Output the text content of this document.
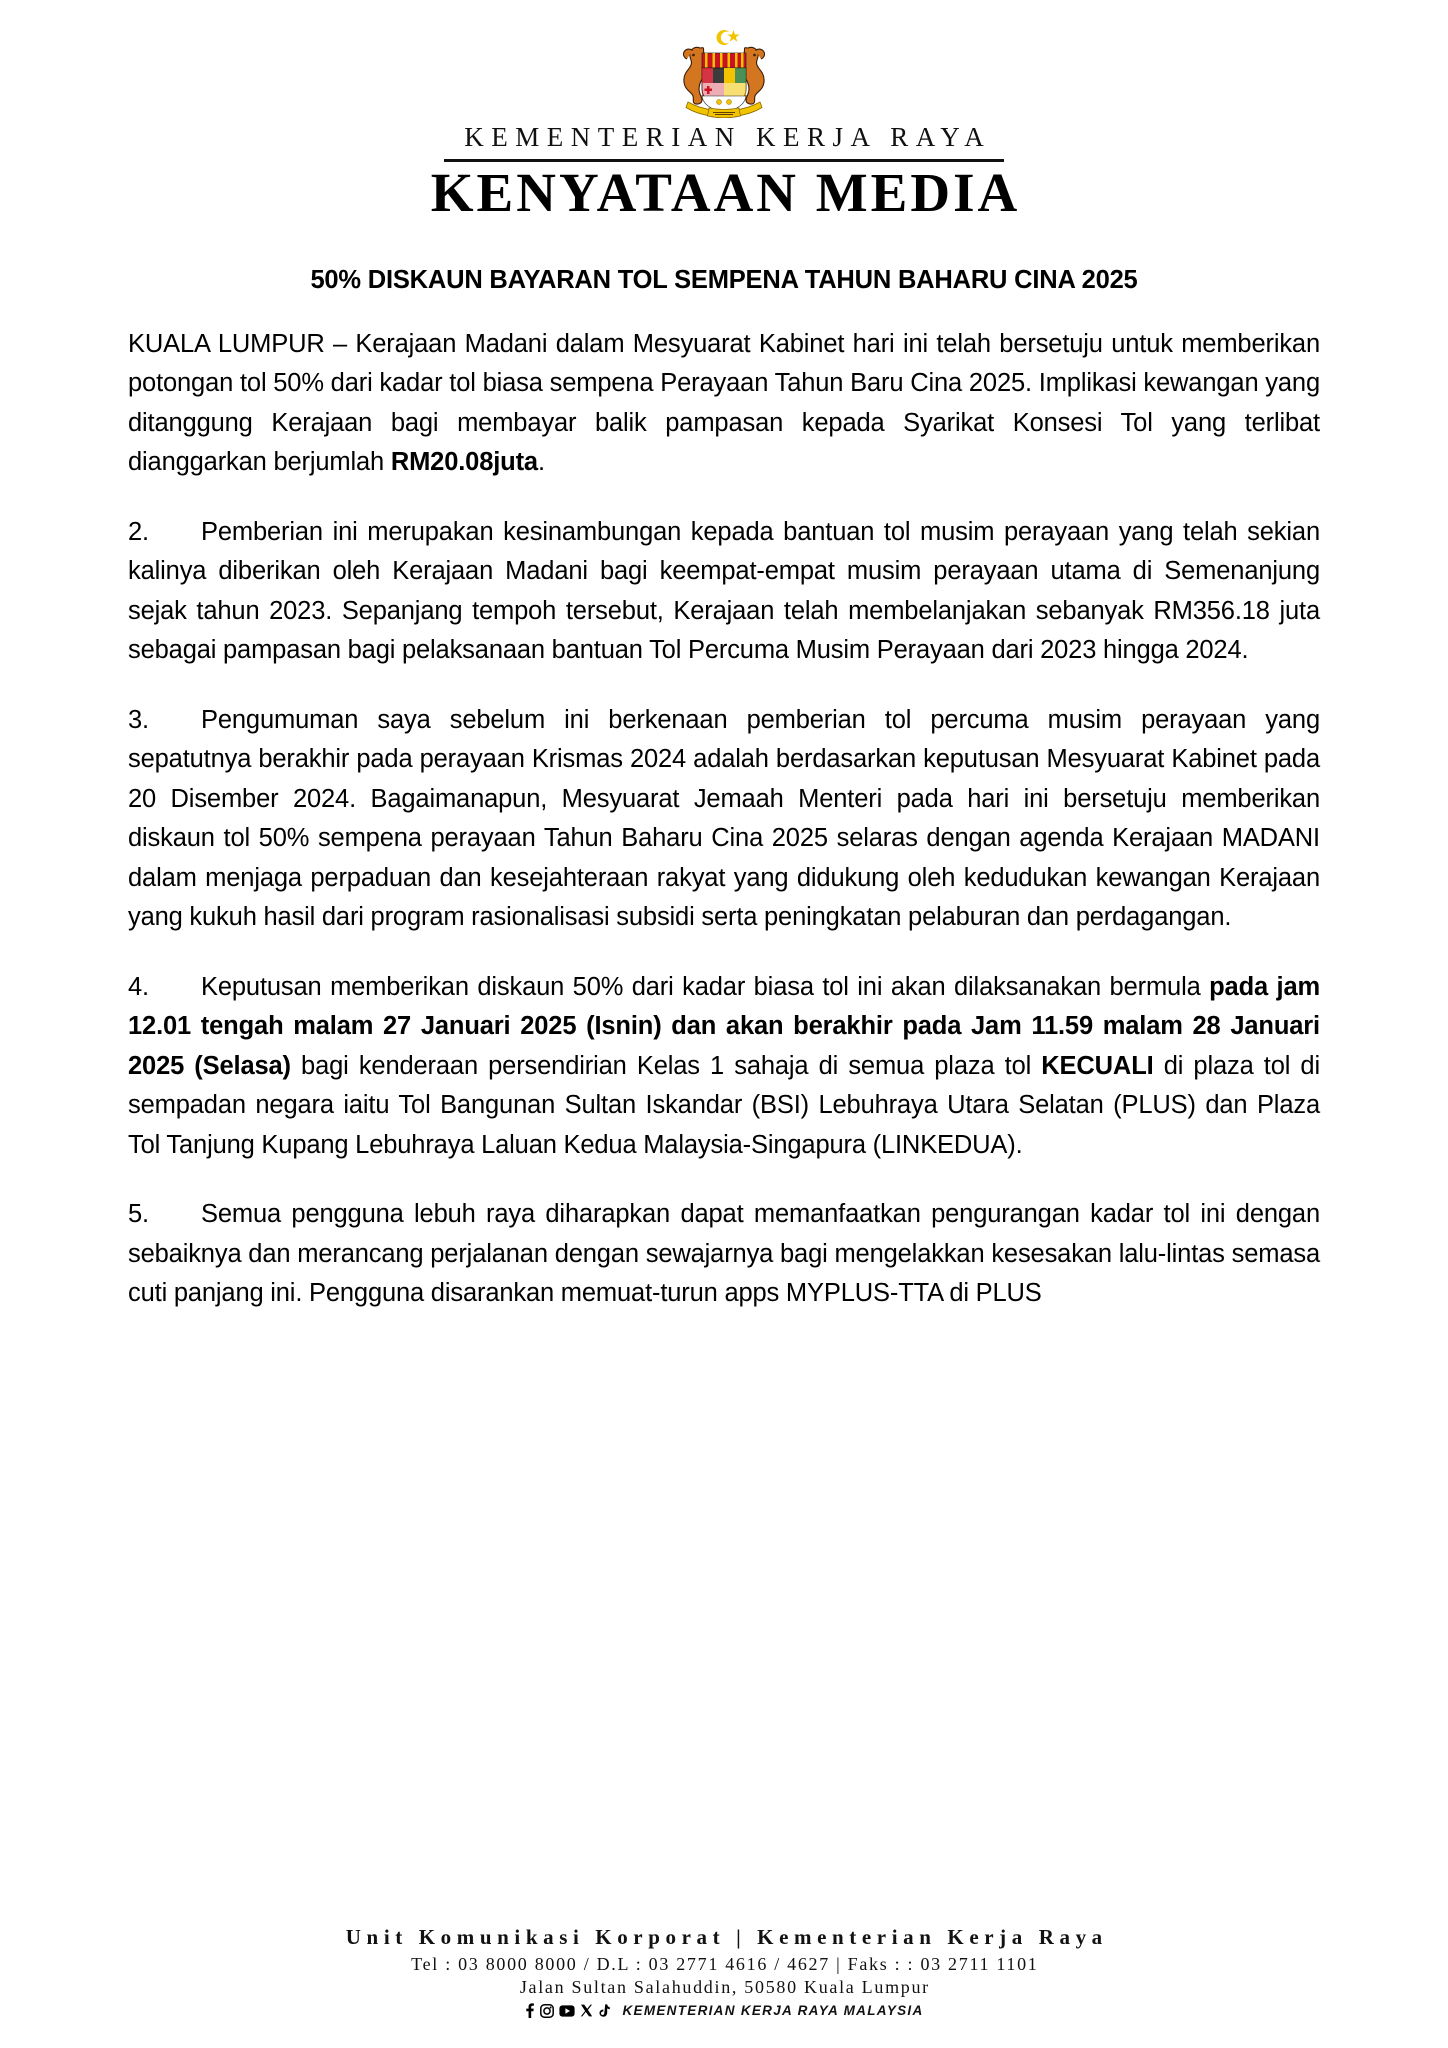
KEMENTERIAN KERJA RAYA
KENYATAAN MEDIA
50% DISKAUN BAYARAN TOL SEMPENA TAHUN BAHARU CINA 2025

KUALA LUMPUR – Kerajaan Madani dalam Mesyuarat Kabinet hari ini telah bersetuju untuk memberikan potongan tol 50% dari kadar tol biasa sempena Perayaan Tahun Baru Cina 2025. Implikasi kewangan yang ditanggung Kerajaan bagi membayar balik pampasan kepada Syarikat Konsesi Tol yang terlibat dianggarkan berjumlah RM20.08juta.

2. Pemberian ini merupakan kesinambungan kepada bantuan tol musim perayaan yang telah sekian kalinya diberikan oleh Kerajaan Madani bagi keempat-empat musim perayaan utama di Semenanjung sejak tahun 2023. Sepanjang tempoh tersebut, Kerajaan telah membelanjakan sebanyak RM356.18 juta sebagai pampasan bagi pelaksanaan bantuan Tol Percuma Musim Perayaan dari 2023 hingga 2024.

3. Pengumuman saya sebelum ini berkenaan pemberian tol percuma musim perayaan yang sepatutnya berakhir pada perayaan Krismas 2024 adalah berdasarkan keputusan Mesyuarat Kabinet pada 20 Disember 2024. Bagaimanapun, Mesyuarat Jemaah Menteri pada hari ini bersetuju memberikan diskaun tol 50% sempena perayaan Tahun Baharu Cina 2025 selaras dengan agenda Kerajaan MADANI dalam menjaga perpaduan dan kesejahteraan rakyat yang didukung oleh kedudukan kewangan Kerajaan yang kukuh hasil dari program rasionalisasi subsidi serta peningkatan pelaburan dan perdagangan.

4. Keputusan memberikan diskaun 50% dari kadar biasa tol ini akan dilaksanakan bermula pada jam 12.01 tengah malam 27 Januari 2025 (Isnin) dan akan berakhir pada Jam 11.59 malam 28 Januari 2025 (Selasa) bagi kenderaan persendirian Kelas 1 sahaja di semua plaza tol KECUALI di plaza tol di sempadan negara iaitu Tol Bangunan Sultan Iskandar (BSI) Lebuhraya Utara Selatan (PLUS) dan Plaza Tol Tanjung Kupang Lebuhraya Laluan Kedua Malaysia-Singapura (LINKEDUA).

5. Semua pengguna lebuh raya diharapkan dapat memanfaatkan pengurangan kadar tol ini dengan sebaiknya dan merancang perjalanan dengan sewajarnya bagi mengelakkan kesesakan lalu-lintas semasa cuti panjang ini. Pengguna disarankan memuat-turun apps MYPLUS-TTA di PLUS

Unit Komunikasi Korporat | Kementerian Kerja Raya
Tel : 03 8000 8000 / D.L : 03 2771 4616 / 4627 | Faks : : 03 2711 1101
Jalan Sultan Salahuddin, 50580 Kuala Lumpur
KEMENTERIAN KERJA RAYA MALAYSIA
